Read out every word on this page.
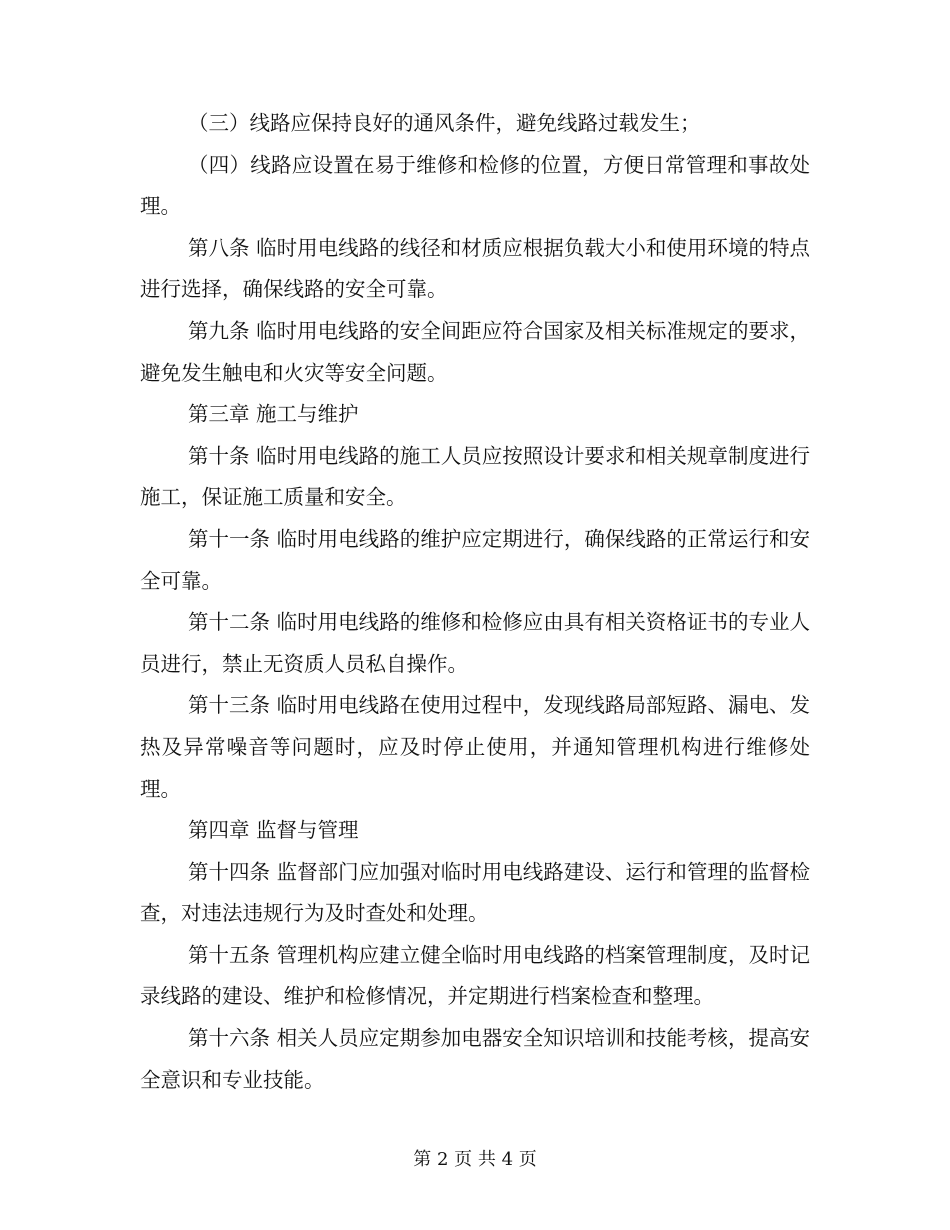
（三）线路应保持良好的通风条件，避免线路过载发生；

（四）线路应设置在易于维修和检修的位置，方便日常管理和事故处理。

第八条 临时用电线路的线径和材质应根据负载大小和使用环境的特点进行选择，确保线路的安全可靠。

第九条 临时用电线路的安全间距应符合国家及相关标准规定的要求，避免发生触电和火灾等安全问题。

第三章 施工与维护

第十条 临时用电线路的施工人员应按照设计要求和相关规章制度进行施工，保证施工质量和安全。

第十一条 临时用电线路的维护应定期进行，确保线路的正常运行和安全可靠。

第十二条 临时用电线路的维修和检修应由具有相关资格证书的专业人员进行，禁止无资质人员私自操作。

第十三条 临时用电线路在使用过程中，发现线路局部短路、漏电、发热及异常噪音等问题时，应及时停止使用，并通知管理机构进行维修处理。

第四章 监督与管理

第十四条 监督部门应加强对临时用电线路建设、运行和管理的监督检查，对违法违规行为及时查处和处理。

第十五条 管理机构应建立健全临时用电线路的档案管理制度，及时记录线路的建设、维护和检修情况，并定期进行档案检查和整理。

第十六条 相关人员应定期参加电器安全知识培训和技能考核，提高安全意识和专业技能。

第 2 页 共 4 页
